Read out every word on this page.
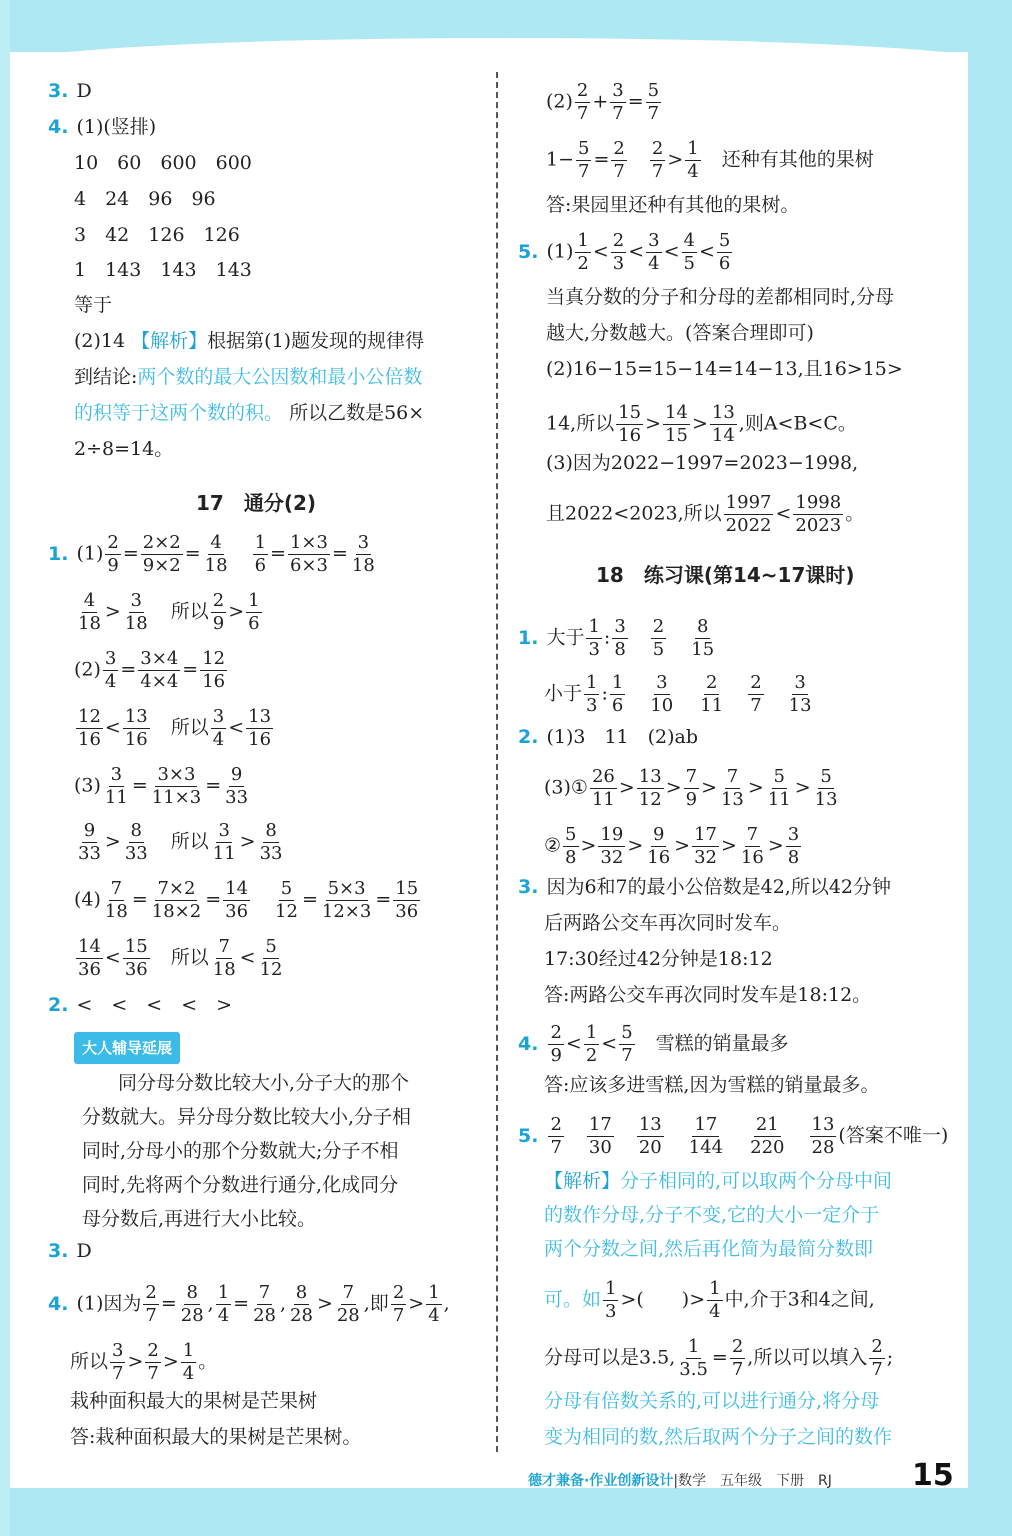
3. D
4. (1)(竖排)
10　60　600　600
4　24　96　96
3　42　126　126
1　143　143　143
等于
(2)14 【解析】根据第(1)题发现的规律得
到结论:两个数的最大公因数和最小公倍数
的积等于这两个数的积。 所以乙数是56×
2÷8=14。
17　通分(2)
1. $(1) \frac{2}{9} = \frac{2\times 2}{9\times 2} = \frac{4}{18}$
　 $\frac{1}{6} = \frac{1\times 3}{6\times 3} = \frac{3}{18}$
$\frac{4}{18} > \frac{3}{18}$
　 所以 $\frac{2}{9} > \frac{1}{6}$
$(2) \frac{3}{4} = \frac{3\times 4}{4\times 4} = \frac{12}{16}$
$\frac{12}{16} < \frac{13}{16}$
　 所以 $\frac{3}{4} < \frac{13}{16}$
$(3) \frac{3}{11} = \frac{3\times 3}{11\times 3} = \frac{9}{33}$
$\frac{9}{33} > \frac{8}{33}$
　 所以 $\frac{3}{11} > \frac{8}{33}$
$(4) \frac{7}{18} = \frac{7\times 2}{18\times 2} = \frac{14}{36}$
　 $\frac{5}{12} = \frac{5\times 3}{12\times 3} = \frac{15}{36}$
$\frac{14}{36} < \frac{15}{36}$
　 所以 $\frac{7}{18} < \frac{5}{12}$
2. <　<　<　<　>
大人辅导延展
同分母分数比较大小,分子大的那个
分数就大。异分母分数比较大小,分子相
同时,分母小的那个分数就大;分子不相
同时,先将两个分数进行通分,化成同分
母分数后,再进行大小比较。
3. D
4. (1)因为 $\frac{2}{7} = \frac{8}{28}$ , $\frac{1}{4} = \frac{7}{28}$ , $\frac{8}{28} > \frac{7}{28}$ ,即 $\frac{2}{7} > \frac{1}{4}$ ,
所以 $\frac{3}{7} > \frac{2}{7} > \frac{1}{4}$ 。
栽种面积最大的果树是芒果树
答:栽种面积最大的果树是芒果树。
$(2) \frac{2}{7} + \frac{3}{7} = \frac{5}{7}$
$1- \frac{5}{7} = \frac{2}{7}$
　 $\frac{2}{7} > \frac{1}{4}$
　 还种有其他的果树
答:果园里还种有其他的果树。
5. $(1) \frac{1}{2} < \frac{2}{3} < \frac{3}{4} < \frac{4}{5} < \frac{5}{6}$
当真分数的分子和分母的差都相同时,分母
越大,分数越大。(答案合理即可)
(2)16−15=15−14=14−13,且16>15>
14,所以 $\frac{15}{16} > \frac{14}{15} > \frac{13}{14}$ ,则A<B<C。
(3)因为2022−1997=2023−1998,
且2022<2023,所以 $\frac{1997}{2022} < \frac{1998}{2023}$ 。
18　练习课(第14~17课时)
1. 大于 $\frac{1}{3}$ : $\frac{3}{8}$
　 $\frac{2}{5}$
　 $\frac{8}{15}$
小于 $\frac{1}{3}$ : $\frac{1}{6}$
　 $\frac{3}{10}$
　 $\frac{2}{11}$
　 $\frac{2}{7}$
　 $\frac{3}{13}$
2. (1)3　11　(2)ab
(3)① $\frac{26}{11} > \frac{13}{12} > \frac{7}{9} > \frac{7}{13} > \frac{5}{11} > \frac{5}{13}$
② $\frac{5}{8} > \frac{19}{32} > \frac{9}{16} > \frac{17}{32} > \frac{7}{16} > \frac{3}{8}$
3. 因为6和7的最小公倍数是42,所以42分钟
后两路公交车再次同时发车。
17:30经过42分钟是18:12
答:两路公交车再次同时发车是18:12。
4. $\frac{2}{9} < \frac{1}{2} < \frac{5}{7}$
　 雪糕的销量最多
答:应该多进雪糕,因为雪糕的销量最多。
5. $\frac{2}{7}$
　 $\frac{17}{30}$
　 $\frac{13}{20}$
　 $\frac{17}{144}$
　 $\frac{21}{220}$
　 $\frac{13}{28}$ (答案不唯一)
【解析】分子相同的,可以取两个分母中间
的数作分母,分子不变,它的大小一定介于
两个分数之间,然后再化简为最简分数即
可。如 $\frac{1}{3}$ >(　　)> $\frac{1}{4}$ 中,介于3和4之间,
分母可以是3.5, $\frac{1}{3.5} = \frac{2}{7}$ ,所以可以填入 $\frac{2}{7}$ ;
分母有倍数关系的,可以进行通分,将分母
变为相同的数,然后取两个分子之间的数作
德才兼备·作业创新设计|数学　五年级　下册　RJ	15
